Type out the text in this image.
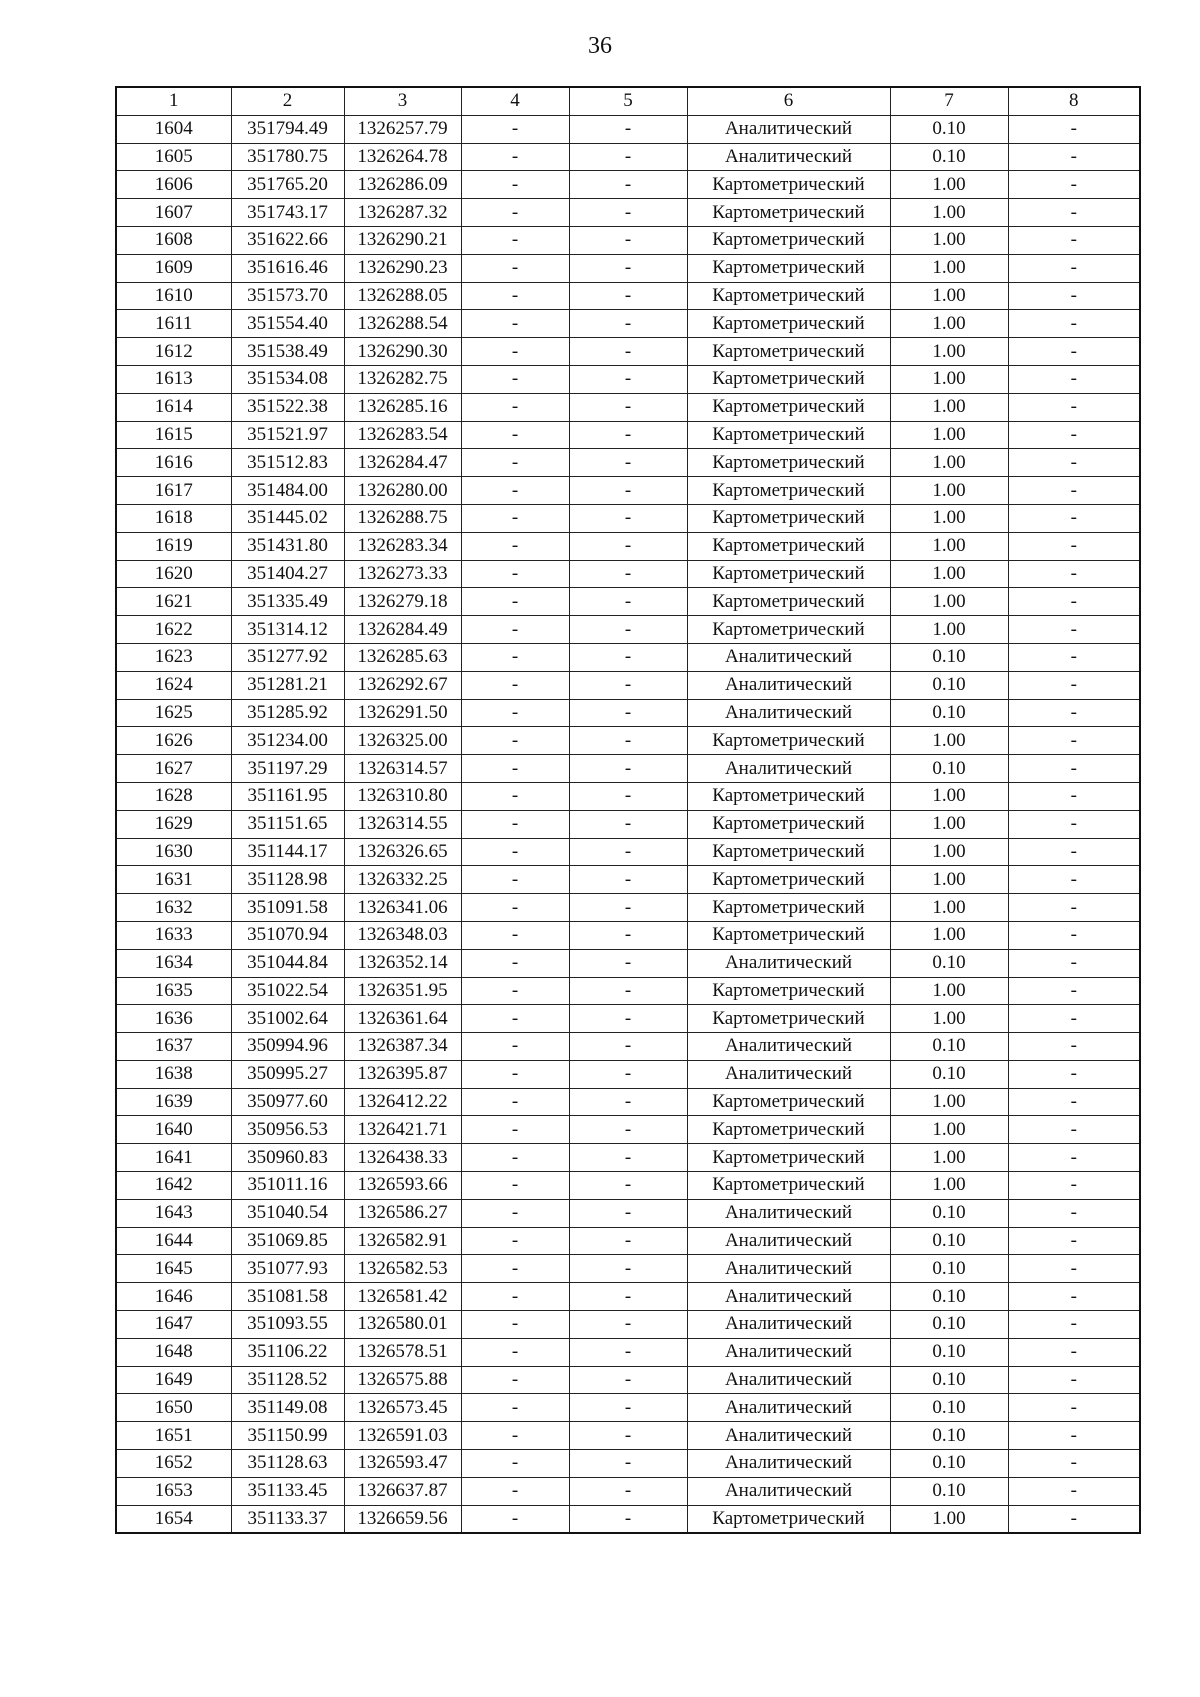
36
1	2	3	4	5	6	7	8
1604	351794.49	1326257.79	-	-	Аналитический	0.10	-
1605	351780.75	1326264.78	-	-	Аналитический	0.10	-
1606	351765.20	1326286.09	-	-	Картометрический	1.00	-
1607	351743.17	1326287.32	-	-	Картометрический	1.00	-
1608	351622.66	1326290.21	-	-	Картометрический	1.00	-
1609	351616.46	1326290.23	-	-	Картометрический	1.00	-
1610	351573.70	1326288.05	-	-	Картометрический	1.00	-
1611	351554.40	1326288.54	-	-	Картометрический	1.00	-
1612	351538.49	1326290.30	-	-	Картометрический	1.00	-
1613	351534.08	1326282.75	-	-	Картометрический	1.00	-
1614	351522.38	1326285.16	-	-	Картометрический	1.00	-
1615	351521.97	1326283.54	-	-	Картометрический	1.00	-
1616	351512.83	1326284.47	-	-	Картометрический	1.00	-
1617	351484.00	1326280.00	-	-	Картометрический	1.00	-
1618	351445.02	1326288.75	-	-	Картометрический	1.00	-
1619	351431.80	1326283.34	-	-	Картометрический	1.00	-
1620	351404.27	1326273.33	-	-	Картометрический	1.00	-
1621	351335.49	1326279.18	-	-	Картометрический	1.00	-
1622	351314.12	1326284.49	-	-	Картометрический	1.00	-
1623	351277.92	1326285.63	-	-	Аналитический	0.10	-
1624	351281.21	1326292.67	-	-	Аналитический	0.10	-
1625	351285.92	1326291.50	-	-	Аналитический	0.10	-
1626	351234.00	1326325.00	-	-	Картометрический	1.00	-
1627	351197.29	1326314.57	-	-	Аналитический	0.10	-
1628	351161.95	1326310.80	-	-	Картометрический	1.00	-
1629	351151.65	1326314.55	-	-	Картометрический	1.00	-
1630	351144.17	1326326.65	-	-	Картометрический	1.00	-
1631	351128.98	1326332.25	-	-	Картометрический	1.00	-
1632	351091.58	1326341.06	-	-	Картометрический	1.00	-
1633	351070.94	1326348.03	-	-	Картометрический	1.00	-
1634	351044.84	1326352.14	-	-	Аналитический	0.10	-
1635	351022.54	1326351.95	-	-	Картометрический	1.00	-
1636	351002.64	1326361.64	-	-	Картометрический	1.00	-
1637	350994.96	1326387.34	-	-	Аналитический	0.10	-
1638	350995.27	1326395.87	-	-	Аналитический	0.10	-
1639	350977.60	1326412.22	-	-	Картометрический	1.00	-
1640	350956.53	1326421.71	-	-	Картометрический	1.00	-
1641	350960.83	1326438.33	-	-	Картометрический	1.00	-
1642	351011.16	1326593.66	-	-	Картометрический	1.00	-
1643	351040.54	1326586.27	-	-	Аналитический	0.10	-
1644	351069.85	1326582.91	-	-	Аналитический	0.10	-
1645	351077.93	1326582.53	-	-	Аналитический	0.10	-
1646	351081.58	1326581.42	-	-	Аналитический	0.10	-
1647	351093.55	1326580.01	-	-	Аналитический	0.10	-
1648	351106.22	1326578.51	-	-	Аналитический	0.10	-
1649	351128.52	1326575.88	-	-	Аналитический	0.10	-
1650	351149.08	1326573.45	-	-	Аналитический	0.10	-
1651	351150.99	1326591.03	-	-	Аналитический	0.10	-
1652	351128.63	1326593.47	-	-	Аналитический	0.10	-
1653	351133.45	1326637.87	-	-	Аналитический	0.10	-
1654	351133.37	1326659.56	-	-	Картометрический	1.00	-
